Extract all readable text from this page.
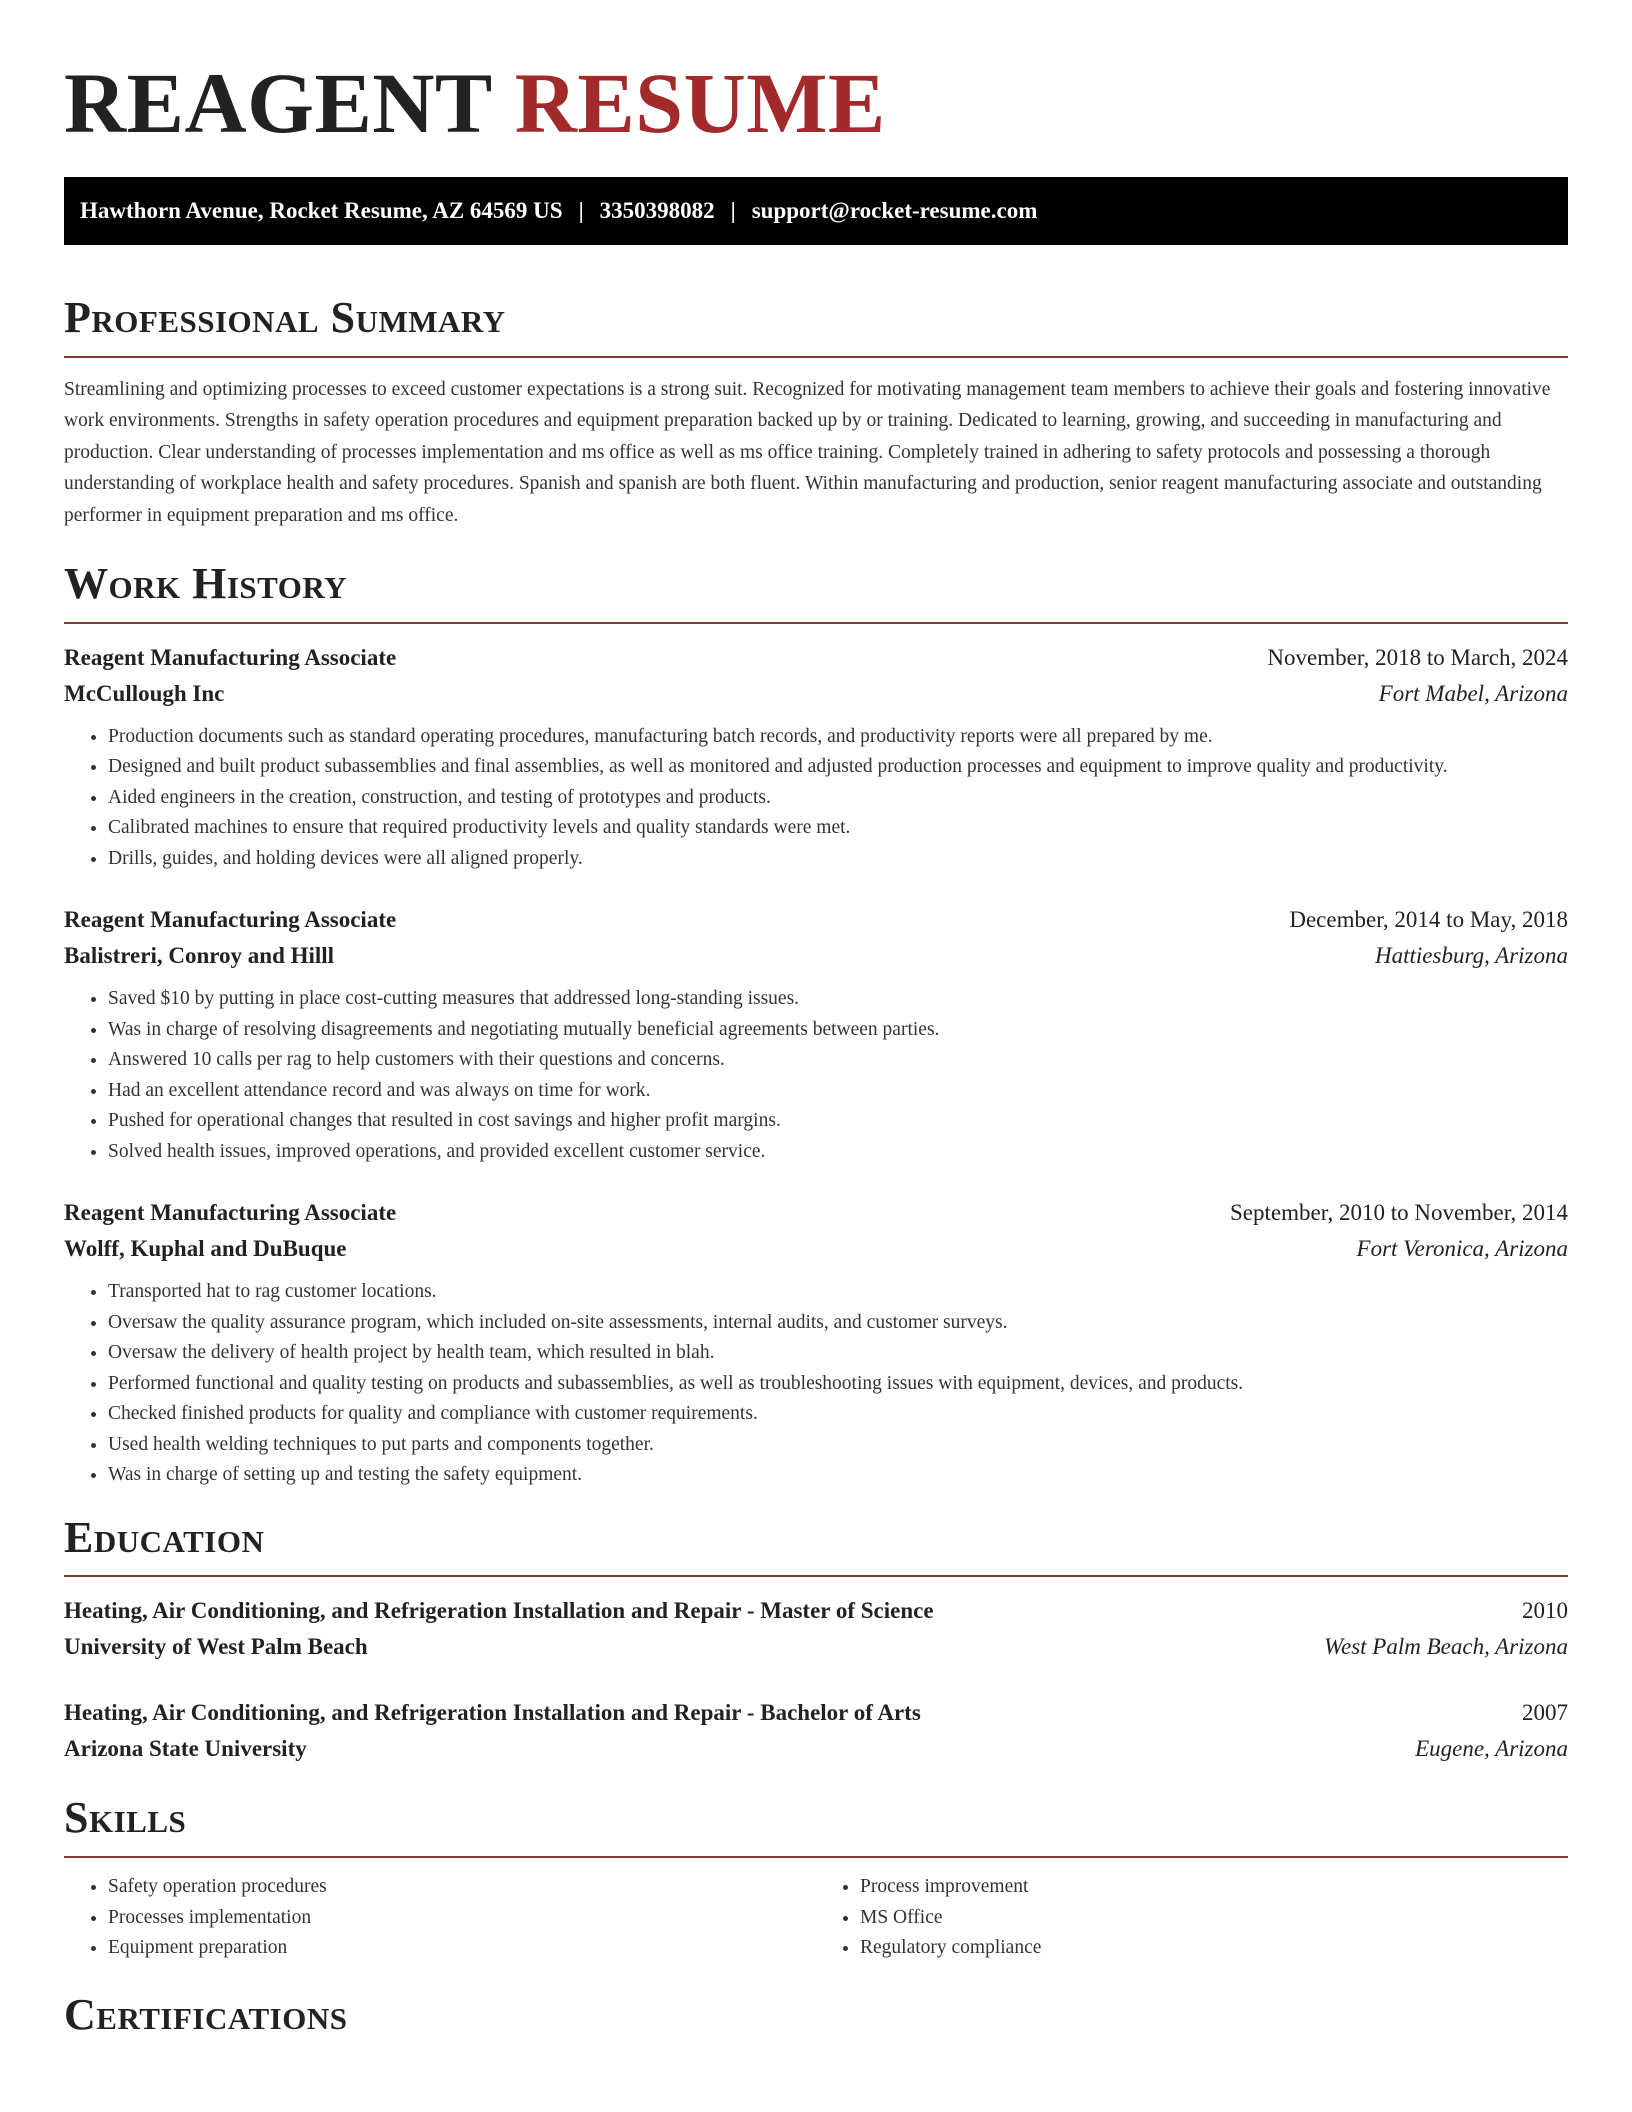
REAGENT RESUME
Hawthorn Avenue, Rocket Resume, AZ 64569 US | 3350398082 | support@rocket-resume.com
Professional Summary

Streamlining and optimizing processes to exceed customer expectations is a strong suit. Recognized for motivating management team members to achieve their goals and fostering innovative work environments. Strengths in safety operation procedures and equipment preparation backed up by or training. Dedicated to learning, growing, and succeeding in manufacturing and production. Clear understanding of processes implementation and ms office as well as ms office training. Completely trained in adhering to safety protocols and possessing a thorough understanding of workplace health and safety procedures. Spanish and spanish are both fluent. Within manufacturing and production, senior reagent manufacturing associate and outstanding performer in equipment preparation and ms office.

Work History
Reagent Manufacturing Associate	November, 2018 to March, 2024
McCullough Inc	Fort Mabel, Arizona
• Production documents such as standard operating procedures, manufacturing batch records, and productivity reports were all prepared by me.
• Designed and built product subassemblies and final assemblies, as well as monitored and adjusted production processes and equipment to improve quality and productivity.
• Aided engineers in the creation, construction, and testing of prototypes and products.
• Calibrated machines to ensure that required productivity levels and quality standards were met.
• Drills, guides, and holding devices were all aligned properly.
Reagent Manufacturing Associate	December, 2014 to May, 2018
Balistreri, Conroy and Hilll	Hattiesburg, Arizona
• Saved $10 by putting in place cost-cutting measures that addressed long-standing issues.
• Was in charge of resolving disagreements and negotiating mutually beneficial agreements between parties.
• Answered 10 calls per rag to help customers with their questions and concerns.
• Had an excellent attendance record and was always on time for work.
• Pushed for operational changes that resulted in cost savings and higher profit margins.
• Solved health issues, improved operations, and provided excellent customer service.
Reagent Manufacturing Associate	September, 2010 to November, 2014
Wolff, Kuphal and DuBuque	Fort Veronica, Arizona
• Transported hat to rag customer locations.
• Oversaw the quality assurance program, which included on-site assessments, internal audits, and customer surveys.
• Oversaw the delivery of health project by health team, which resulted in blah.
• Performed functional and quality testing on products and subassemblies, as well as troubleshooting issues with equipment, devices, and products.
• Checked finished products for quality and compliance with customer requirements.
• Used health welding techniques to put parts and components together.
• Was in charge of setting up and testing the safety equipment.
Education
Heating, Air Conditioning, and Refrigeration Installation and Repair - Master of Science	2010
University of West Palm Beach	West Palm Beach, Arizona
Heating, Air Conditioning, and Refrigeration Installation and Repair - Bachelor of Arts	2007
Arizona State University	Eugene, Arizona
Skills
• Safety operation procedures
• Processes implementation
• Equipment preparation
• Process improvement
• MS Office
• Regulatory compliance
Certifications
